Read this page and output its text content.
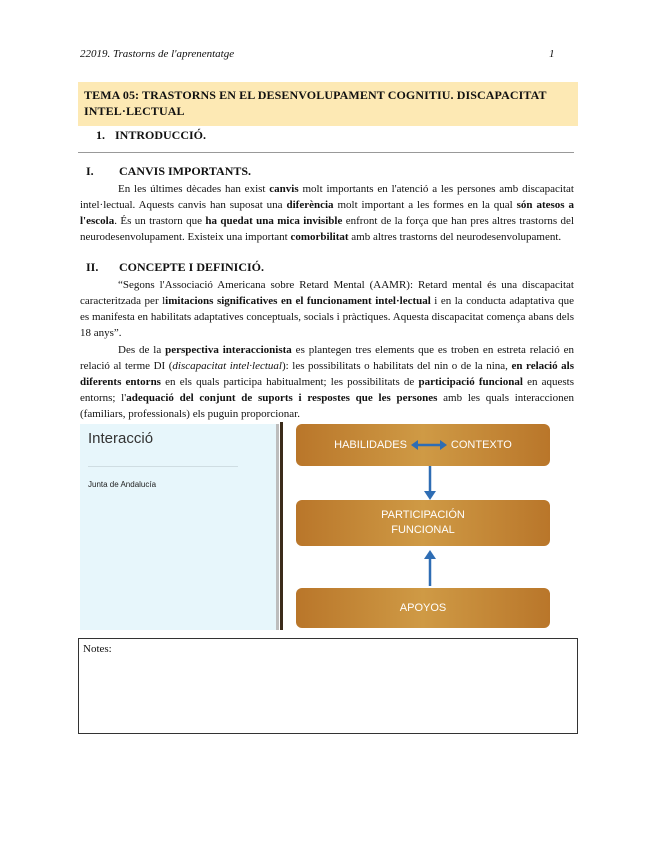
22019. Trastorns de l'aprenentatge	1
TEMA 05: TRASTORNS EN EL DESENVOLUPAMENT COGNITIU. DISCAPACITAT INTEL·LECTUAL
1. INTRODUCCIÓ.
I. CANVIS IMPORTANTS.

En les últimes dècades han exist canvis molt importants en l'atenció a les persones amb discapacitat intel·lectual. Aquests canvis han suposat una diferència molt important a les formes en la qual són atesos a l'escola. És un trastorn que ha quedat una mica invisible enfront de la força que han pres altres trastorns del neurodesenvolupament. Existeix una important comorbilitat amb altres trastorns del neurodesenvolupament.

II. CONCEPTE I DEFINICIÓ.

“Segons l'Associació Americana sobre Retard Mental (AAMR): Retard mental és una discapacitat caracteritzada per limitacions significatives en el funcionament intel·lectual i en la conducta adaptativa que es manifesta en habilitats adaptatives conceptuals, socials i pràctiques. Aquesta discapacitat comença abans dels 18 anys”.

Des de la perspectiva interaccionista es plantegen tres elements que es troben en estreta relació en relació al terme DI (discapacitat intel·lectual): les possibilitats o habilitats del nin o de la nina, en relació als diferents entorns en els quals participa habitualment; les possibilitats de participació funcional en aquests entorns; l'adequació del conjunt de suports i respostes que les persones amb les quals interaccionen (familiars, professionals) els puguin proporcionar.

Interacció
Junta de Andalucía
HABILIDADES	CONTEXTO
PARTICIPACIÓN
FUNCIONAL
APOYOS
Notes:
